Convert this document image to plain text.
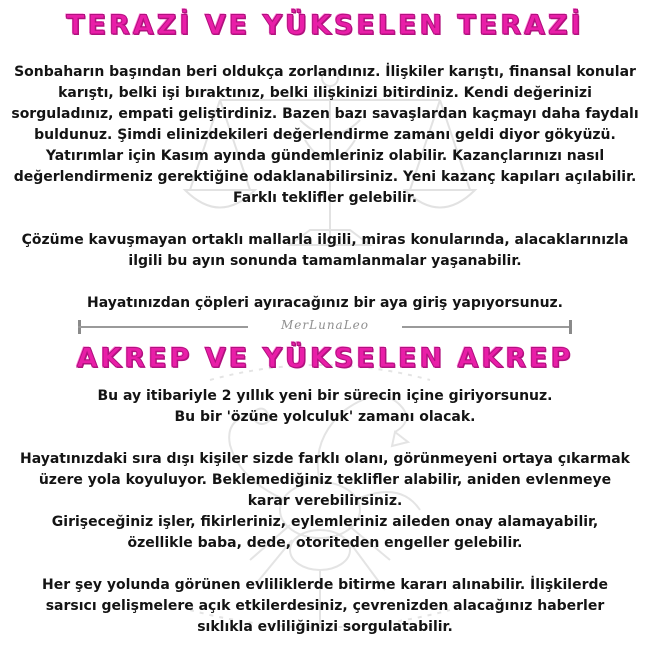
TERAZİ VE YÜKSELEN TERAZİ

Sonbaharın başından beri oldukça zorlandınız. İlişkiler karıştı, finansal konular

karıştı, belki işi bıraktınız, belki ilişkinizi bitirdiniz. Kendi değerinizi

sorguladınız, empati geliştirdiniz. Bazen bazı savaşlardan kaçmayı daha faydalı

buldunuz. Şimdi elinizdekileri değerlendirme zamanı geldi diyor gökyüzü.

Yatırımlar için Kasım ayında gündemleriniz olabilir. Kazançlarınızı nasıl

değerlendirmeniz gerektiğine odaklanabilirsiniz. Yeni kazanç kapıları açılabilir.

Farklı teklifler gelebilir.

Çözüme kavuşmayan ortaklı mallarla ilgili, miras konularında, alacaklarınızla

ilgili bu ayın sonunda tamamlanmalar yaşanabilir.

Hayatınızdan çöpleri ayıracağınız bir aya giriş yapıyorsunuz.

MerLunaLeo
AKREP VE YÜKSELEN AKREP

Bu ay itibariyle 2 yıllık yeni bir sürecin içine giriyorsunuz.

Bu bir 'özüne yolculuk' zamanı olacak.

Hayatınızdaki sıra dışı kişiler sizde farklı olanı, görünmeyeni ortaya çıkarmak

üzere yola koyuluyor. Beklemediğiniz teklifler alabilir, aniden evlenmeye

karar verebilirsiniz.

Girişeceğiniz işler, fikirleriniz, eylemleriniz aileden onay alamayabilir,

özellikle baba, dede, otoriteden engeller gelebilir.

Her şey yolunda görünen evliliklerde bitirme kararı alınabilir. İlişkilerde

sarsıcı gelişmelere açık etkilerdesiniz, çevrenizden alacağınız haberler

sıklıkla evliliğinizi sorgulatabilir.
